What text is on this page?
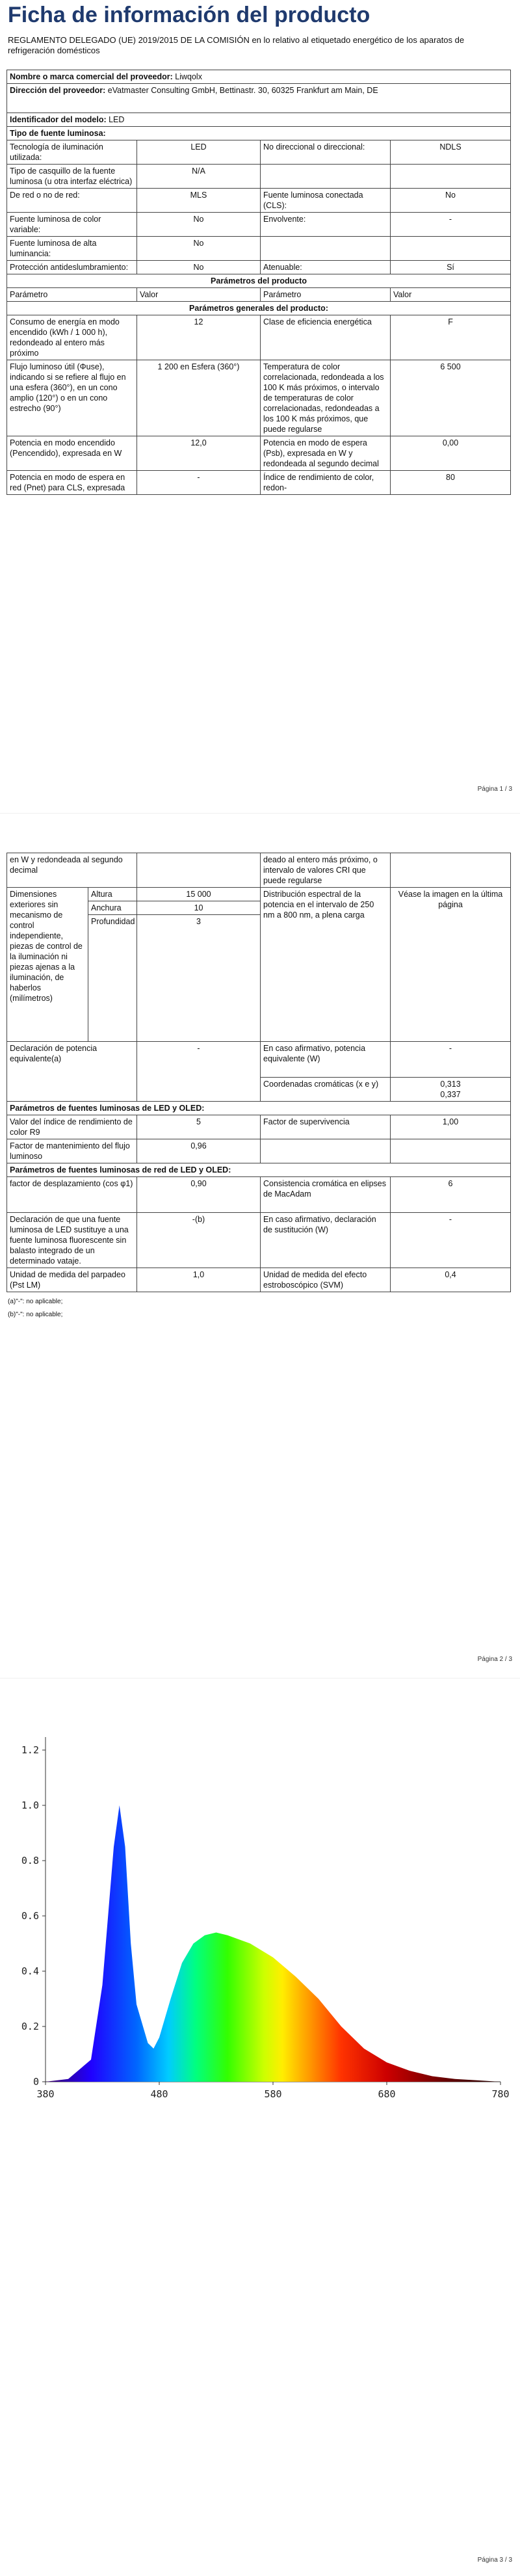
Ficha de información del producto
REGLAMENTO DELEGADO (UE) 2019/2015 DE LA COMISIÓN en lo relativo al etiquetado energético de los aparatos de refrigeración domésticos
Nombre o marca comercial del proveedor: Liwqolx			
Dirección del proveedor: eVatmaster Consulting GmbH, Bettinastr. 30, 60325 Frankfurt am Main, DE			
Identificador del modelo: LED			
Tipo de fuente luminosa:			
Tecnología de iluminación utilizada:	LED	No direccional o direccional:	NDLS
Tipo de casquillo de la fuente luminosa (u otra interfaz eléctrica)	N/A		
De red o no de red:	MLS	Fuente luminosa conectada (CLS):	No
Fuente luminosa de color variable:	No	Envolvente:	-
Fuente luminosa de alta luminancia:	No		
Protección antideslumbramiento:	No	Atenuable:	Sí
Parámetros del producto			
Parámetro	Valor	Parámetro	Valor
Parámetros generales del producto:			
Consumo de energía en modo encendido (kWh / 1 000 h), redondeado al entero más próximo	12	Clase de eficiencia energética	F
Flujo luminoso útil (Φuse), indicando si se refiere al flujo en una esfera (360°), en un cono amplio (120°) o en un cono estrecho (90°)	1 200 en Esfera (360°)	Temperatura de color correlacionada, redondeada a los 100 K más próximos, o intervalo de temperaturas de color correlacionadas, redondeadas a los 100 K más próximos, que puede regularse	6 500
Potencia en modo encendido (Pencendido), expresada en W	12,0	Potencia en modo de espera (Psb), expresada en W y redondeada al segundo decimal	0,00
Potencia en modo de espera en red (Pnet) para CLS, expresada	-	Índice de rendimiento de color, redon-	80
Página 1 / 3
en W y redondeada al segundo decimal			deado al entero más próximo, o intervalo de valores CRI que puede regularse	
Dimensiones exteriores sin mecanismo de control independiente, piezas de control de la iluminación ni piezas ajenas a la iluminación, de haberlos (milímetros)	Altura	15 000	Distribución espectral de la potencia en el intervalo de 250 nm a 800 nm, a plena carga	Véase la imagen en la última página
	Anchura	10		
	Profundidad	3		
Declaración de potencia equivalente(a)		-	En caso afirmativo, potencia equivalente (W)	-
			Coordenadas cromáticas (x e y)	0,313
0,337
Parámetros de fuentes luminosas de LED y OLED:				
Valor del índice de rendimiento de color R9		5	Factor de supervivencia	1,00
Factor de mantenimiento del flujo luminoso		0,96		
Parámetros de fuentes luminosas de red de LED y OLED:				
factor de desplazamiento (cos φ1)		0,90	Consistencia cromática en elipses de MacAdam	6
Declaración de que una fuente luminosa de LED sustituye a una fuente luminosa fluorescente sin balasto integrado de un determinado vataje.		-(b)	En caso afirmativo, declaración de sustitución (W)	-
Unidad de medida del parpadeo (Pst LM)		1,0	Unidad de medida del efecto estroboscópico (SVM)	0,4
(a)"-": no aplicable;
(b)"-": no aplicable;
Página 2 / 3
0
0.2
0.4
0.6
0.8
1.0
1.2
380	480	580	680	780
Página 3 / 3
